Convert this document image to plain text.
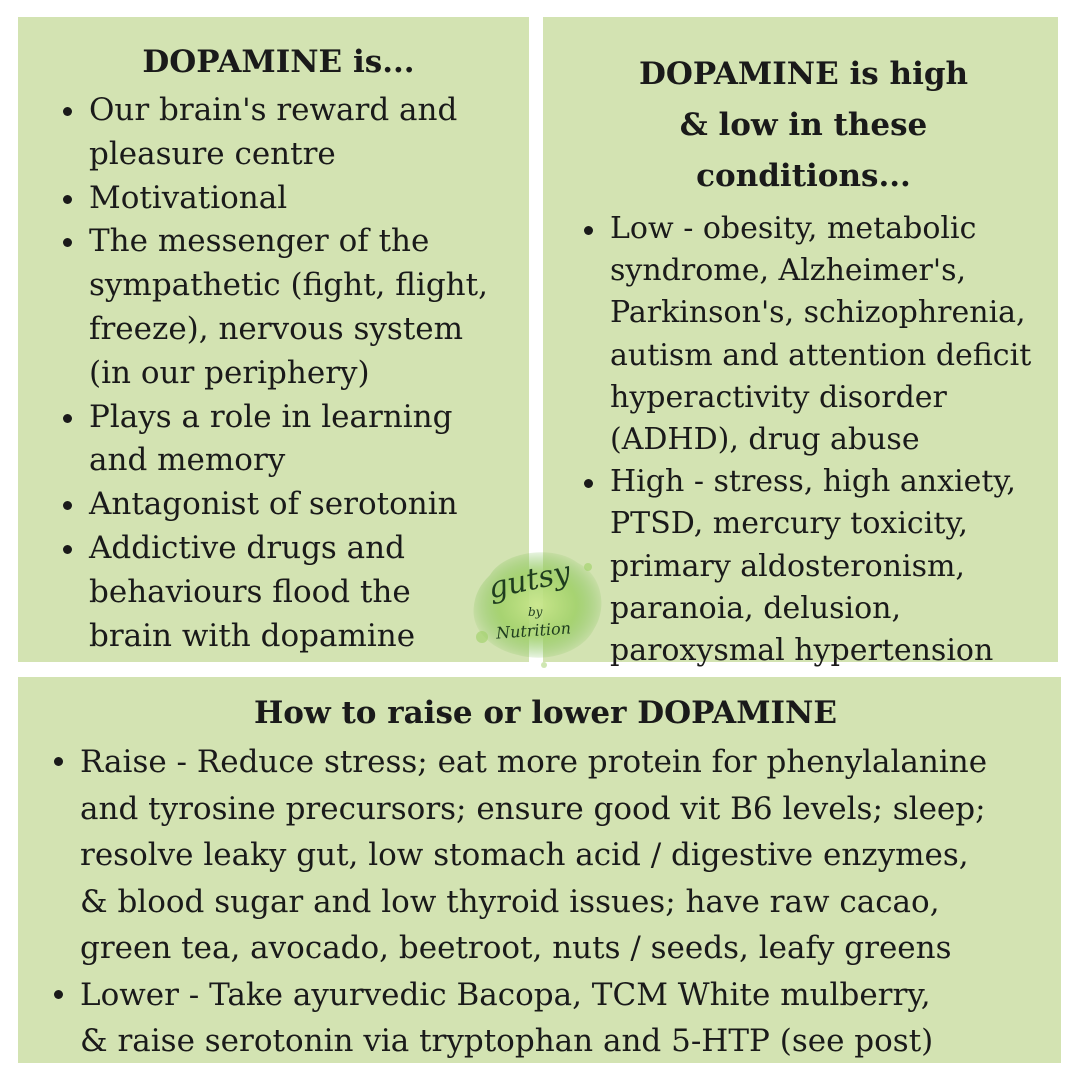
DOPAMINE is...
Our brain's reward and
pleasure centre
Motivational
The messenger of the
sympathetic (fight, flight,
freeze), nervous system
(in our periphery)
Plays a role in learning
and memory
Antagonist of serotonin
Addictive drugs and
behaviours flood the
brain with dopamine
DOPAMINE is high
& low in these
conditions...
Low - obesity, metabolic
syndrome, Alzheimer's,
Parkinson's, schizophrenia,
autism and attention deficit
hyperactivity disorder
(ADHD), drug abuse
High - stress, high anxiety,
PTSD, mercury toxicity,
primary aldosteronism,
paranoia, delusion,
paroxysmal hypertension
How to raise or lower DOPAMINE
Raise - Reduce stress; eat more protein for phenylalanine
and tyrosine precursors; ensure good vit B6 levels; sleep;
resolve leaky gut, low stomach acid / digestive enzymes,
& blood sugar and low thyroid issues; have raw cacao,
green tea, avocado, beetroot, nuts / seeds, leafy greens
Lower - Take ayurvedic Bacopa, TCM White mulberry,
& raise serotonin via tryptophan and 5-HTP (see post)
gutsy
by
Nutrition
